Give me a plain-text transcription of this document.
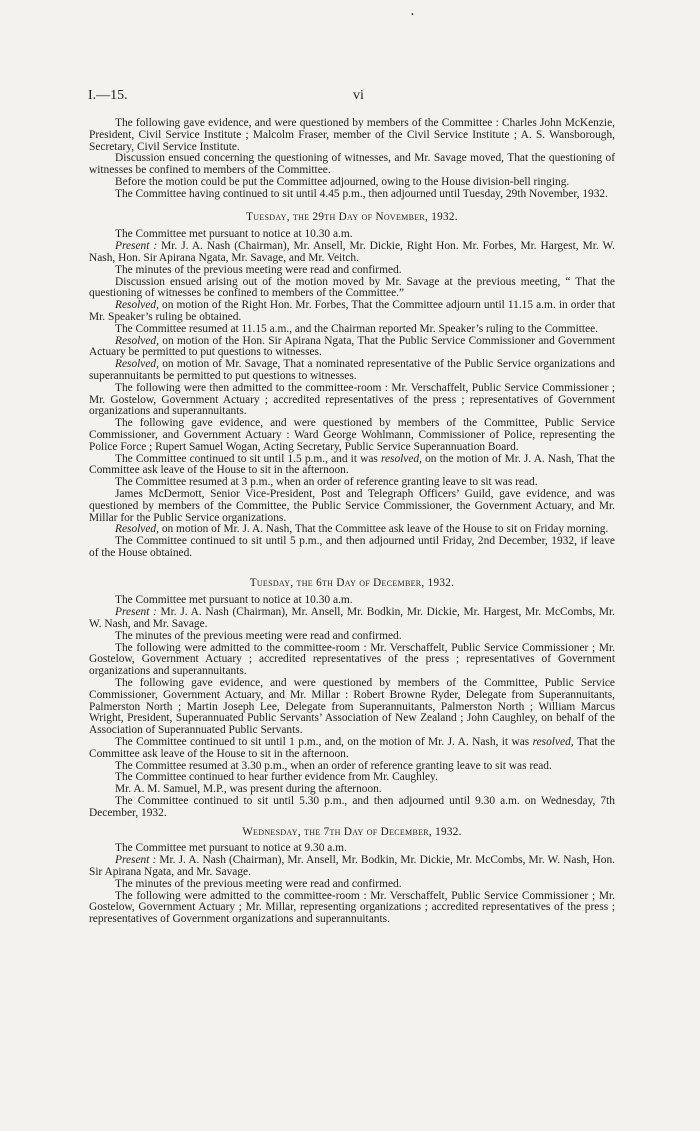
•
I.—15.	vi

The following gave evidence, and were questioned by members of the Committee : Charles John McKenzie, President, Civil Service Institute ; Malcolm Fraser, member of the Civil Service Institute ; A. S. Wansborough, Secretary, Civil Service Institute.

Discussion ensued concerning the questioning of witnesses, and Mr. Savage moved, That the questioning of witnesses be confined to members of the Committee.

Before the motion could be put the Committee adjourned, owing to the House division-bell ringing.

The Committee having continued to sit until 4.45 p.m., then adjourned until Tuesday, 29th November, 1932.

Tuesday, the 29th Day of November, 1932.

The Committee met pursuant to notice at 10.30 a.m.

Present : Mr. J. A. Nash (Chairman), Mr. Ansell, Mr. Dickie, Right Hon. Mr. Forbes, Mr. Hargest, Mr. W. Nash, Hon. Sir Apirana Ngata, Mr. Savage, and Mr. Veitch.

The minutes of the previous meeting were read and confirmed.

Discussion ensued arising out of the motion moved by Mr. Savage at the previous meeting, “ That the questioning of witnesses be confined to members of the Committee.”

Resolved, on motion of the Right Hon. Mr. Forbes, That the Committee adjourn until 11.15 a.m. in order that Mr. Speaker’s ruling be obtained.

The Committee resumed at 11.15 a.m., and the Chairman reported Mr. Speaker’s ruling to the Committee.

Resolved, on motion of the Hon. Sir Apirana Ngata, That the Public Service Commissioner and Government Actuary be permitted to put questions to witnesses.

Resolved, on motion of Mr. Savage, That a nominated representative of the Public Service organizations and superannuitants be permitted to put questions to witnesses.

The following were then admitted to the committee-room : Mr. Verschaffelt, Public Service Commissioner ; Mr. Gostelow, Government Actuary ; accredited representatives of the press ; representatives of Government organizations and superannuitants.

The following gave evidence, and were questioned by members of the Committee, Public Service Commissioner, and Government Actuary : Ward George Wohlmann, Commissioner of Police, representing the Police Force ; Rupert Samuel Wogan, Acting Secretary, Public Service Superannuation Board.

The Committee continued to sit until 1.5 p.m., and it was resolved, on the motion of Mr. J. A. Nash, That the Committee ask leave of the House to sit in the afternoon.

The Committee resumed at 3 p.m., when an order of reference granting leave to sit was read.

James McDermott, Senior Vice-President, Post and Telegraph Officers’ Guild, gave evidence, and was questioned by members of the Committee, the Public Service Commissioner, the Government Actuary, and Mr. Millar for the Public Service organizations.

Resolved, on motion of Mr. J. A. Nash, That the Committee ask leave of the House to sit on Friday morning.

The Committee continued to sit until 5 p.m., and then adjourned until Friday, 2nd December, 1932, if leave of the House obtained.

Tuesday, the 6th Day of December, 1932.

The Committee met pursuant to notice at 10.30 a.m.

Present : Mr. J. A. Nash (Chairman), Mr. Ansell, Mr. Bodkin, Mr. Dickie, Mr. Hargest, Mr. McCombs, Mr. W. Nash, and Mr. Savage.

The minutes of the previous meeting were read and confirmed.

The following were admitted to the committee-room : Mr. Verschaffelt, Public Service Commissioner ; Mr. Gostelow, Government Actuary ; accredited representatives of the press ; representatives of Government organizations and superannuitants.

The following gave evidence, and were questioned by members of the Committee, Public Service Commissioner, Government Actuary, and Mr. Millar : Robert Browne Ryder, Delegate from Superannuitants, Palmerston North ; Martin Joseph Lee, Delegate from Superannuitants, Palmerston North ; William Marcus Wright, President, Superannuated Public Servants’ Association of New Zealand ; John Caughley, on behalf of the Association of Superannuated Public Servants.

The Committee continued to sit until 1 p.m., and, on the motion of Mr. J. A. Nash, it was resolved, That the Committee ask leave of the House to sit in the afternoon.

The Committee resumed at 3.30 p.m., when an order of reference granting leave to sit was read.

The Committee continued to hear further evidence from Mr. Caughley.

Mr. A. M. Samuel, M.P., was present during the afternoon.

The Committee continued to sit until 5.30 p.m., and then adjourned until 9.30 a.m. on Wednesday, 7th December, 1932.

Wednesday, the 7th Day of December, 1932.

The Committee met pursuant to notice at 9.30 a.m.

Present : Mr. J. A. Nash (Chairman), Mr. Ansell, Mr. Bodkin, Mr. Dickie, Mr. McCombs, Mr. W. Nash, Hon. Sir Apirana Ngata, and Mr. Savage.

The minutes of the previous meeting were read and confirmed.

The following were admitted to the committee-room : Mr. Verschaffelt, Public Service Commissioner ; Mr. Gostelow, Government Actuary ; Mr. Millar, representing organizations ; accredited representatives of the press ; representatives of Government organizations and superannuitants.
